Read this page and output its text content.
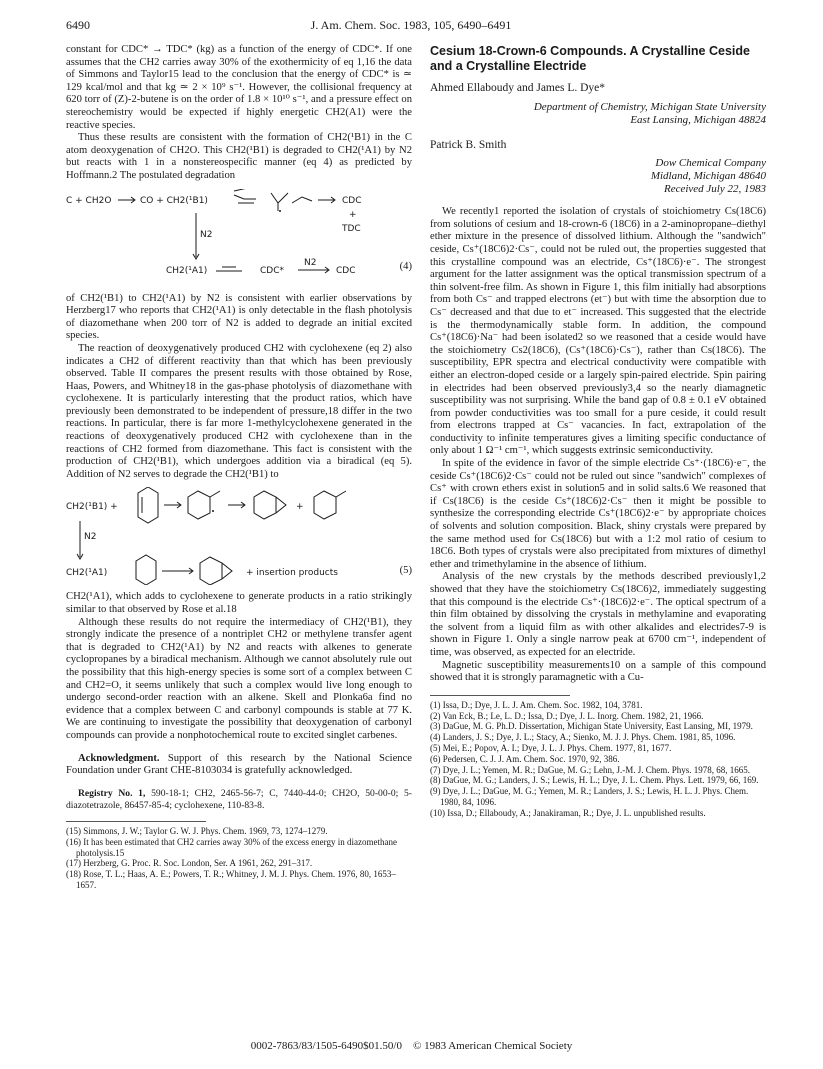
6490	J. Am. Chem. Soc. 1983, 105, 6490–6491

constant for CDC* → TDC* (kg) as a function of the energy of CDC*. If one assumes that the CH2 carries away 30% of the exothermicity of eq 1,16 the data of Simmons and Taylor15 lead to the conclusion that the energy of CDC* is ≃ 129 kcal/mol and that kg ≃ 2 × 10⁹ s⁻¹. However, the collisional frequency at 620 torr of (Z)-2-butene is on the order of 1.8 × 10¹⁰ s⁻¹, and a pressure effect on stereochemistry would be expected if highly energetic CH2(A1) were the reactive species.

Thus these results are consistent with the formation of CH2(¹B1) in the C atom deoxygenation of CH2O. This CH2(¹B1) is degraded to CH2(¹A1) by N2 but reacts with 1 in a nonstereospecific manner (eq 4) as predicted by Hoffmann.2 The postulated degradation

C + CH2O	CO + CH2(¹B1)	CDC
+
TDC
N2
CH2(¹A1)	CDC*
N2
CDC	(4)

of CH2(¹B1) to CH2(¹A1) by N2 is consistent with earlier observations by Herzberg17 who reports that CH2(¹A1) is only detectable in the flash photolysis of diazomethane when 200 torr of N2 is added to degrade an initial excited species.

The reaction of deoxygenatively produced CH2 with cyclohexene (eq 2) also indicates a CH2 of different reactivity than that which has been previously observed. Table II compares the present results with those obtained by Rose, Haas, Powers, and Whitney18 in the gas-phase photolysis of diazomethane with cyclohexene. It is particularly interesting that the product ratios, which have previously been demonstrated to be independent of pressure,18 differ in the two reactions. In particular, there is far more 1-methylcyclohexene generated in the reactions of deoxygenatively produced CH2 with cyclohexene than in the reactions of CH2 formed from diazomethane. This fact is consistent with the production of CH2(¹B1), which undergoes addition via a biradical (eq 5). Addition of N2 serves to degrade the CH2(¹B1) to

CH2(¹B1) +	+
N2
CH2(¹A1)	+ insertion products	(5)

CH2(¹A1), which adds to cyclohexene to generate products in a ratio strikingly similar to that observed by Rose et al.18

Although these results do not require the intermediacy of CH2(¹B1), they strongly indicate the presence of a nontriplet CH2 or methylene transfer agent that is degraded to CH2(¹A1) by N2 and reacts with alkenes to generate cyclopropanes by a biradical mechanism. Although we cannot absolutely rule out the possibility that this high-energy species is some sort of a complex between C and CH2=O, it seems unlikely that such a complex would live long enough to undergo second-order reaction with an alkene. Skell and Plonka6a find no evidence that a complex between C and carbonyl compounds is stable at 77 K. We are continuing to investigate the possibility that deoxygenation of carbonyl compounds can provide a nonphotochemical route to excited singlet carbenes.

Acknowledgment. Support of this research by the National Science Foundation under Grant CHE-8103034 is gratefully acknowledged.

Registry No. 1, 590-18-1; CH2, 2465-56-7; C, 7440-44-0; CH2O, 50-00-0; 5-diazotetrazole, 86457-85-4; cyclohexene, 110-83-8.

(15) Simmons, J. W.; Taylor G. W. J. Phys. Chem. 1969, 73, 1274–1279.
(16) It has been estimated that CH2 carries away 30% of the excess energy in diazomethane photolysis.15
(17) Herzberg, G. Proc. R. Soc. London, Ser. A 1961, 262, 291–317.
(18) Rose, T. L.; Haas, A. E.; Powers, T. R.; Whitney, J. M. J. Phys. Chem. 1976, 80, 1653–1657.
Cesium 18-Crown-6 Compounds. A Crystalline Ceside and a Crystalline Electride
Ahmed Ellaboudy and James L. Dye*
Department of Chemistry, Michigan State University
East Lansing, Michigan 48824
Patrick B. Smith
Dow Chemical Company
Midland, Michigan 48640
Received July 22, 1983

We recently1 reported the isolation of crystals of stoichiometry Cs(18C6) from solutions of cesium and 18-crown-6 (18C6) in a 2-aminopropane–diethyl ether mixture in the presence of dissolved lithium. Although the "sandwich" ceside, Cs⁺(18C6)2·Cs⁻, could not be ruled out, the properties suggested that this crystalline compound was an electride, Cs⁺(18C6)·e⁻. The strongest argument for the latter assignment was the optical transmission spectrum of a thin solvent-free film. As shown in Figure 1, this film initially had absorptions from both Cs⁻ and trapped electrons (et⁻) but with time the absorption due to Cs⁻ decreased and that due to et⁻ increased. This suggested that the electride is the thermodynamically stable form. In addition, the compound Cs⁺(18C6)·Na⁻ had been isolated2 so we reasoned that a ceside would have the stoichiometry Cs2(18C6), (Cs⁺(18C6)·Cs⁻), rather than Cs(18C6). The susceptibility, EPR spectra and electrical conductivity were compatible with either an electron-doped ceside or a largely spin-paired electride. Spin pairing in electrides had been observed previously3,4 so the nearly diamagnetic susceptibility was not surprising. While the band gap of 0.8 ± 0.1 eV obtained from powder conductivities was too small for a pure ceside, it could result from electrons trapped at Cs⁻ vacancies. In fact, extrapolation of the conductivity to infinite temperatures gives a limiting specific conductance of only about 1 Ω⁻¹ cm⁻¹, which suggests extrinsic semiconductivity.

In spite of the evidence in favor of the simple electride Cs⁺·(18C6)·e⁻, the ceside Cs⁺(18C6)2·Cs⁻ could not be ruled out since "sandwich" complexes of Cs⁺ with crown ethers exist in solution5 and in solid salts.6 We reasoned that if Cs(18C6) is the ceside Cs⁺(18C6)2·Cs⁻ then it might be possible to synthesize the corresponding electride Cs⁺(18C6)2·e⁻ by appropriate choices of solvents and solution composition. Black, shiny crystals were prepared by the same method used for Cs(18C6) but with a 1:2 mol ratio of cesium to 18C6. Both types of crystals were also precipitated from mixtures of dimethyl ether and trimethylamine in the absence of lithium.

Analysis of the new crystals by the methods described previously1,2 showed that they have the stoichiometry Cs(18C6)2, immediately suggesting that this compound is the electride Cs⁺·(18C6)2·e⁻. The optical spectrum of a thin film obtained by dissolving the crystals in methylamine and evaporating the solvent from a liquid film as with other alkalides and electrides7-9 is shown in Figure 1. Only a single narrow peak at 6700 cm⁻¹, independent of time, was observed, as expected for an electride.

Magnetic susceptibility measurements10 on a sample of this compound showed that it is strongly paramagnetic with a Cu-

(1) Issa, D.; Dye, J. L. J. Am. Chem. Soc. 1982, 104, 3781.
(2) Van Eck, B.; Le, L. D.; Issa, D.; Dye, J. L. Inorg. Chem. 1982, 21, 1966.
(3) DaGue, M. G. Ph.D. Dissertation, Michigan State University, East Lansing, MI, 1979.
(4) Landers, J. S.; Dye, J. L.; Stacy, A.; Sienko, M. J. J. Phys. Chem. 1981, 85, 1096.
(5) Mei, E.; Popov, A. I.; Dye, J. L. J. Phys. Chem. 1977, 81, 1677.
(6) Pedersen, C. J. J. Am. Chem. Soc. 1970, 92, 386.
(7) Dye, J. L.; Yemen, M. R.; DaGue, M. G.; Lehn, J.-M. J. Chem. Phys. 1978, 68, 1665.
(8) DaGue, M. G.; Landers, J. S.; Lewis, H. L.; Dye, J. L. Chem. Phys. Lett. 1979, 66, 169.
(9) Dye, J. L.; DaGue, M. G.; Yemen, M. R.; Landers, J. S.; Lewis, H. L. J. Phys. Chem. 1980, 84, 1096.
(10) Issa, D.; Ellaboudy, A.; Janakiraman, R.; Dye, J. L. unpublished results.
0002-7863/83/1505-6490$01.50/0 © 1983 American Chemical Society
